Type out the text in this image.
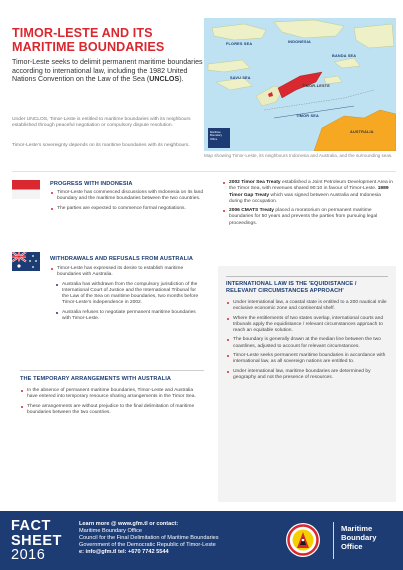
TIMOR-LESTE AND ITS MARITIME BOUNDARIES
Timor-Leste seeks to delimit permanent maritime boundaries according to international law, including the 1982 United Nations Convention on the Law of the Sea (UNCLOS).
Under UNCLOS, Timor-Leste is entitled to maritime boundaries with its neighbours established through peaceful negotiation or compulsory dispute resolution.
Timor-Leste's sovereignty depends on its maritime boundaries with its neighbours.
INDONESIA
FLORES SEA
BANDA SEA
SAVU SEA
TIMOR SEA
TIMOR-LESTE
AUSTRALIA
Maritime Boundary Office
Map showing Timor-Leste, its neighbours Indonesia and Australia, and the surrounding seas.
PROGRESS WITH INDONESIA
Timor-Leste has commenced discussions with Indonesia on its land boundary and the maritime boundaries between the two countries.
The parties are expected to commence formal negotiations.
WITHDRAWALS AND REFUSALS FROM AUSTRALIA
Timor-Leste has expressed its desire to establish maritime boundaries with Australia.
Australia has withdrawn from the compulsory jurisdiction of the International Court of Justice and the International Tribunal for the Law of the Sea on maritime boundaries, two months before Timor-Leste's independence in 2002.
Australia refuses to negotiate permanent maritime boundaries with Timor-Leste.
THE TEMPORARY ARRANGEMENTS WITH AUSTRALIA
In the absence of permanent maritime boundaries, Timor-Leste and Australia have entered into temporary resource sharing arrangements in the Timor Sea.
These arrangements are without prejudice to the final delimitation of maritime boundaries between the two countries.
2002 Timor Sea Treaty established a Joint Petroleum Development Area in the Timor Sea, with revenues shared 90:10 in favour of Timor-Leste. 1989 Timor Gap Treaty which was signed between Australia and Indonesia during the occupation.
2006 CMATS Treaty placed a moratorium on permanent maritime boundaries for 50 years and prevents the parties from pursuing legal proceedings.
INTERNATIONAL LAW IS THE 'EQUIDISTANCE / RELEVANT CIRCUMSTANCES APPROACH'
Under international law, a coastal state is entitled to a 200 nautical mile exclusive economic zone and continental shelf.
Where the entitlements of two states overlap, international courts and tribunals apply the equidistance / relevant circumstances approach to reach an equitable solution.
The boundary is generally drawn at the median line between the two coastlines, adjusted to account for relevant circumstances.
Timor-Leste seeks permanent maritime boundaries in accordance with international law, as all sovereign nations are entitled to.
Under international law, maritime boundaries are determined by geography and not the presence of resources.
FACT
SHEET
2016
Learn more @ www.gfm.tl or contact:
Maritime Boundary Office
Council for the Final Delimitation of Maritime Boundaries
Government of the Democratic Republic of Timor-Leste
e: info@gfm.tl tel: +670 7742 5544
Maritime
Boundary
Office
